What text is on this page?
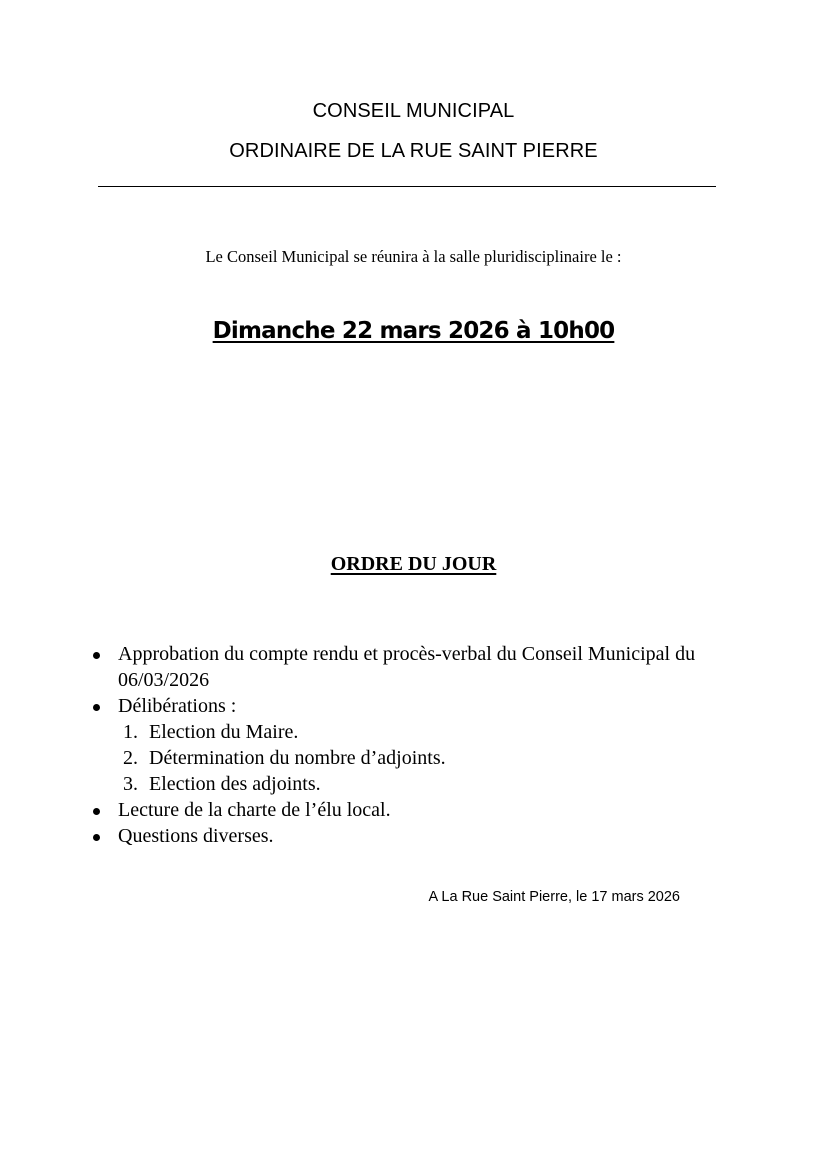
CONSEIL MUNICIPAL
ORDINAIRE DE LA RUE SAINT PIERRE
Le Conseil Municipal se réunira à la salle pluridisciplinaire le :
Dimanche 22 mars 2026 à 10h00
ORDRE DU JOUR
Approbation du compte rendu et procès-verbal du Conseil Municipal du 06/03/2026
Délibérations :
1. Election du Maire.
2. Détermination du nombre d’adjoints.
3. Election des adjoints.
Lecture de la charte de l’élu local.
Questions diverses.
A La Rue Saint Pierre, le 17 mars 2026
